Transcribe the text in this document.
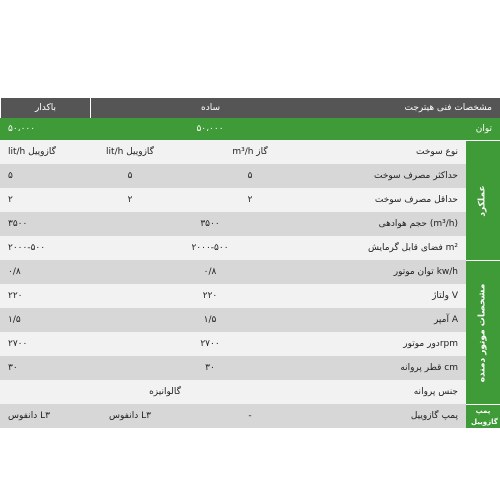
مشخصات فنی هیترجت
ساده
باکدار
توان
۵۰،۰۰۰
۵۰،۰۰۰
نوع سوخت
m³/h گاز
lit/h گازوییل
lit/h گازوییل
حداکثر مصرف سوخت
۵
۵
۵
حداقل مصرف سوخت
۲
۲
۲
حجم هوادهی (m³/h)
۳۵۰۰
۳۵۰۰
فضای قابل گرمایش m²
۲۰۰۰-۵۰۰
۲۰۰۰-۵۰۰
توان موتور kw/h
۰/۸
۰/۸
ولتاژ V
۲۲۰
۲۲۰
آمپر A
۱/۵
۱/۵
دور موتورrpm
۲۷۰۰
۲۷۰۰
قطر پروانه cm
۳۰
۳۰
جنس پروانه
گالوانیزه
پمپ گازوییل
-
دانفوس L۳
دانفوس L۳
عملکرد
مشخصات موتور دمنده
پمپ گازوییل
